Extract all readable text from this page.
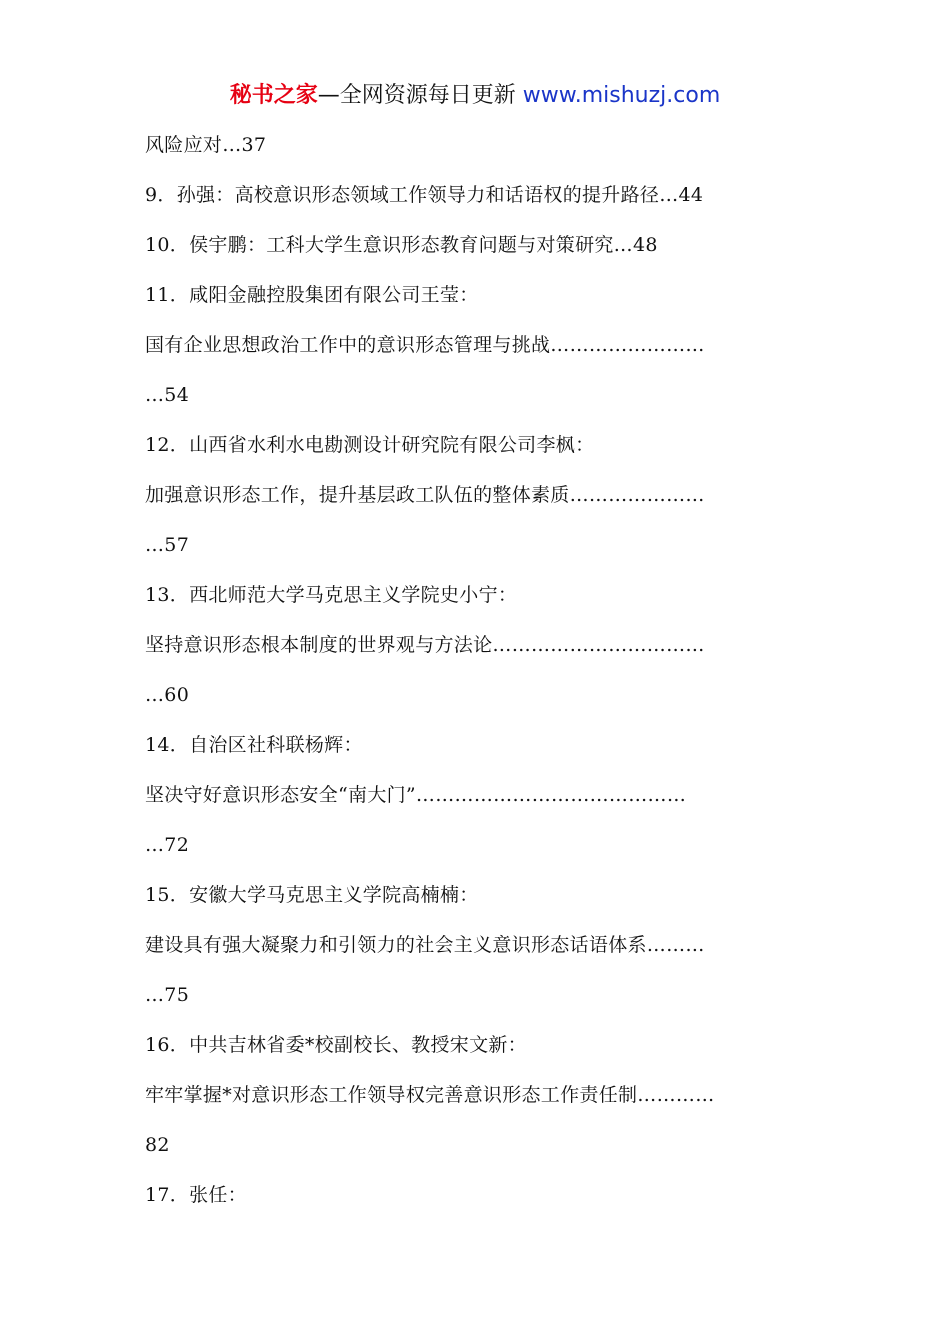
秘书之家—全网资源每日更新 www.mishuzj.com
风险应对…37
9．孙强：高校意识形态领域工作领导力和话语权的提升路径…44
10．侯宇鹏：工科大学生意识形态教育问题与对策研究…48
11．咸阳金融控股集团有限公司王莹：
国有企业思想政治工作中的意识形态管理与挑战……………………
…54
12．山西省水利水电勘测设计研究院有限公司李枫：
加强意识形态工作，提升基层政工队伍的整体素质…………………
…57
13．西北师范大学马克思主义学院史小宁：
坚持意识形态根本制度的世界观与方法论……………………………
…60
14．自治区社科联杨辉：
坚决守好意识形态安全“南大门”……………………………………
…72
15．安徽大学马克思主义学院高楠楠：
建设具有强大凝聚力和引领力的社会主义意识形态话语体系………
…75
16．中共吉林省委*校副校长、教授宋文新：
牢牢掌握*对意识形态工作领导权完善意识形态工作责任制…………
82
17．张任：
